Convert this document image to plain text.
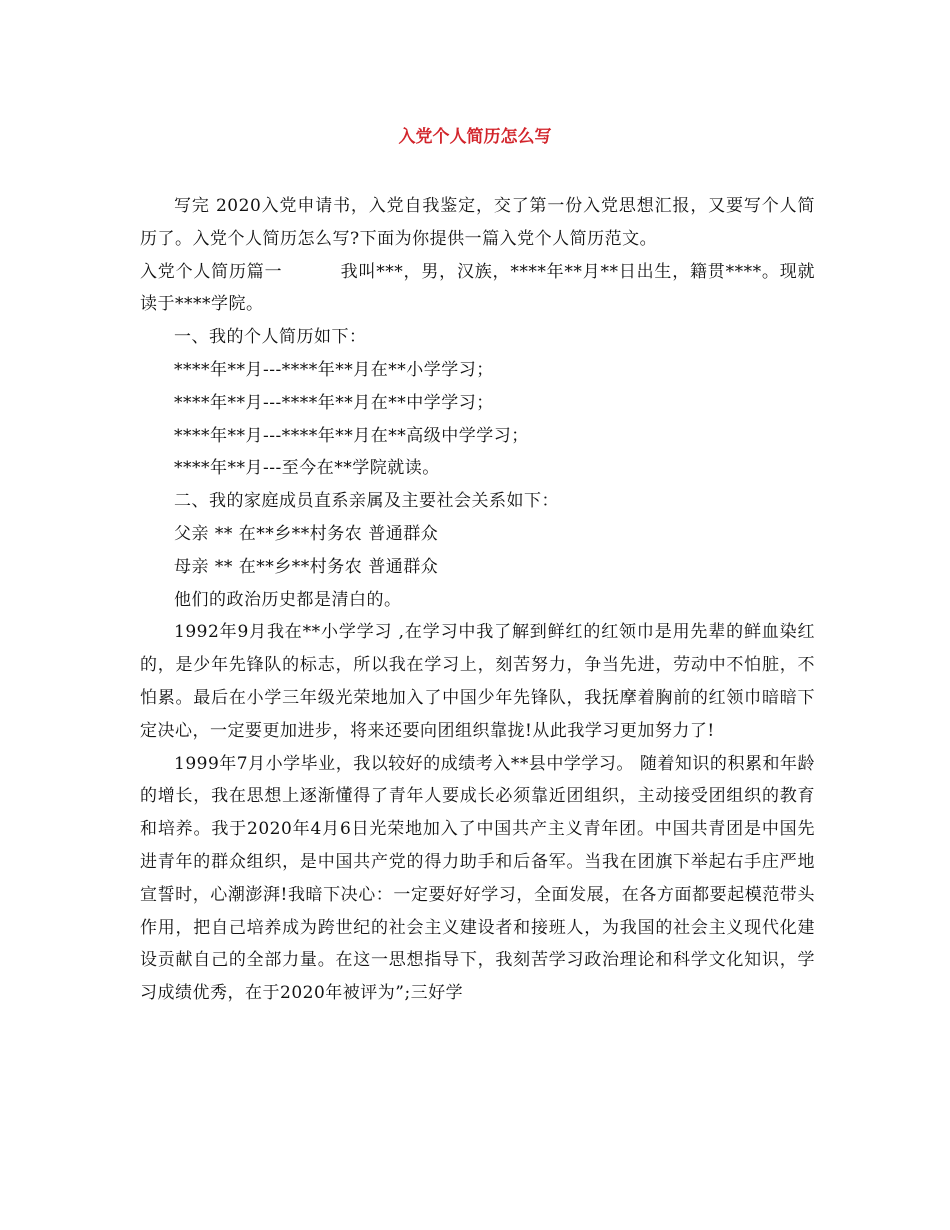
入党个人简历怎么写

写完 2020入党申请书，入党自我鉴定，交了第一份入党思想汇报，又要写个人简历了。入党个人简历怎么写?下面为你提供一篇入党个人简历范文。

入党个人简历篇一	我叫***，男，汉族，****年**月**日出生，籍贯****。现就读于****学院。

一、我的个人简历如下：

****年**月---****年**月在**小学学习；

****年**月---****年**月在**中学学习；

****年**月---****年**月在**高级中学学习；

****年**月---至今在**学院就读。

二、我的家庭成员直系亲属及主要社会关系如下：

父亲 ** 在**乡**村务农 普通群众

母亲 ** 在**乡**村务农 普通群众

他们的政治历史都是清白的。

1992年9月我在**小学学习 ,在学习中我了解到鲜红的红领巾是用先辈的鲜血染红的，是少年先锋队的标志，所以我在学习上，刻苦努力，争当先进，劳动中不怕脏，不怕累。最后在小学三年级光荣地加入了中国少年先锋队，我抚摩着胸前的红领巾暗暗下定决心，一定要更加进步，将来还要向团组织靠拢!从此我学习更加努力了!

1999年7月小学毕业，我以较好的成绩考入**县中学学习。 随着知识的积累和年龄的增长，我在思想上逐渐懂得了青年人要成长必须靠近团组织，主动接受团组织的教育和培养。我于2020年4月6日光荣地加入了中国共产主义青年团。中国共青团是中国先进青年的群众组织，是中国共产党的得力助手和后备军。当我在团旗下举起右手庄严地宣誓时，心潮澎湃!我暗下决心：一定要好好学习，全面发展，在各方面都要起模范带头作用，把自己培养成为跨世纪的社会主义建设者和接班人，为我国的社会主义现代化建设贡献自己的全部力量。在这一思想指导下，我刻苦学习政治理论和科学文化知识，学习成绩优秀，在于2020年被评为”;三好学
